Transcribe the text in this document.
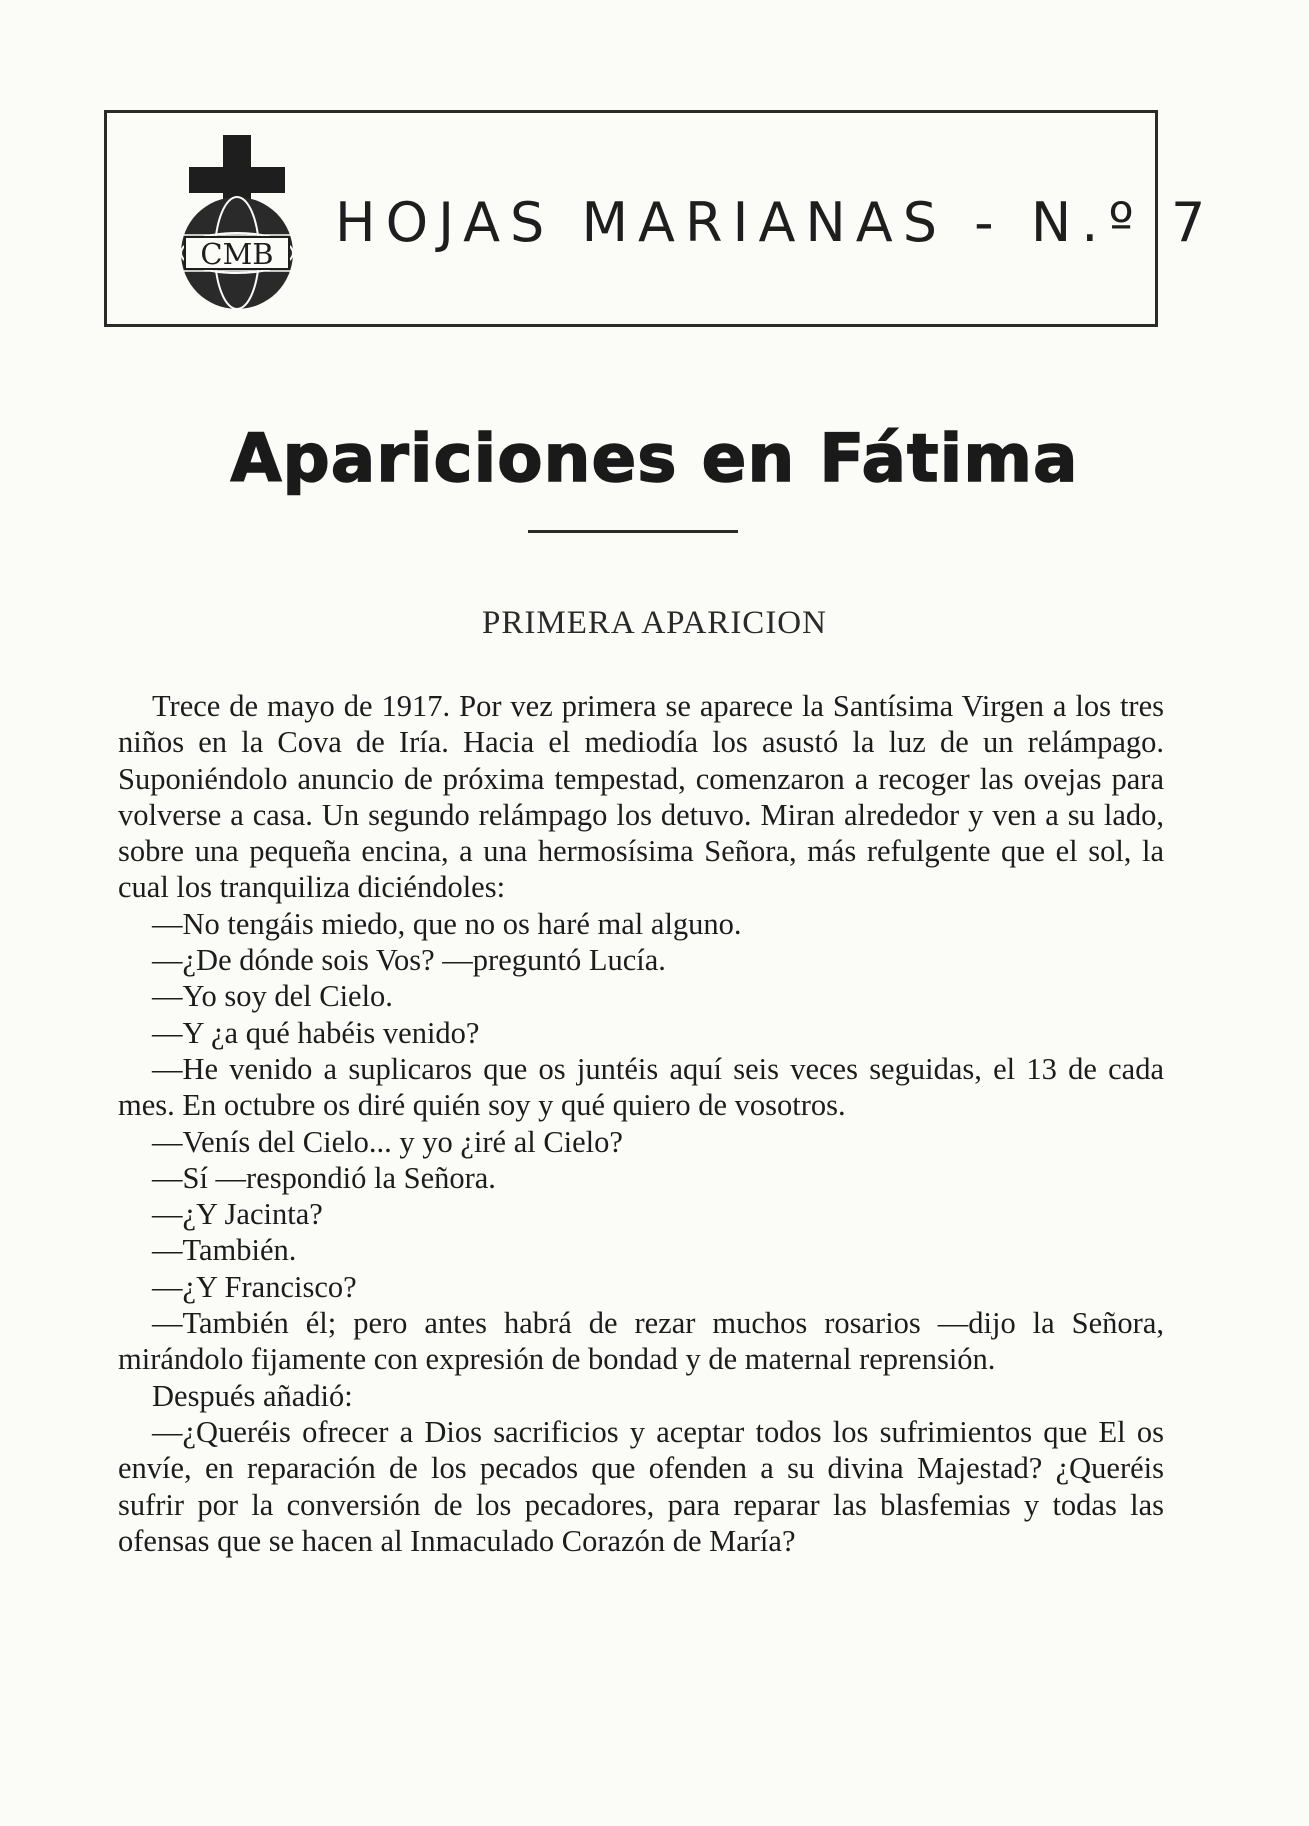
CMB HOJAS MARIANAS - N.º 7
Apariciones en Fátima
PRIMERA APARICION

Trece de mayo de 1917. Por vez primera se aparece la Santísima Virgen a los tres niños en la Cova de Iría. Hacia el mediodía los asustó la luz de un relámpago. Suponiéndolo anuncio de próxima tempestad, comenzaron a recoger las ovejas para volverse a casa. Un segundo relámpago los detuvo. Miran alrededor y ven a su lado, sobre una pequeña encina, a una hermosísima Señora, más refulgente que el sol, la cual los tranquiliza diciéndoles:

—No tengáis miedo, que no os haré mal alguno.

—¿De dónde sois Vos? —preguntó Lucía.

—Yo soy del Cielo.

—Y ¿a qué habéis venido?

—He venido a suplicaros que os juntéis aquí seis veces seguidas, el 13 de cada mes. En octubre os diré quién soy y qué quiero de vosotros.

—Venís del Cielo... y yo ¿iré al Cielo?

—Sí —respondió la Señora.

—¿Y Jacinta?

—También.

—¿Y Francisco?

—También él; pero antes habrá de rezar muchos rosarios —dijo la Señora, mirándolo fijamente con expresión de bondad y de maternal reprensión.

Después añadió:

—¿Queréis ofrecer a Dios sacrificios y aceptar todos los sufrimientos que El os envíe, en reparación de los pecados que ofenden a su divina Majestad? ¿Queréis sufrir por la conversión de los pecadores, para reparar las blasfemias y todas las ofensas que se hacen al Inmaculado Corazón de María?
